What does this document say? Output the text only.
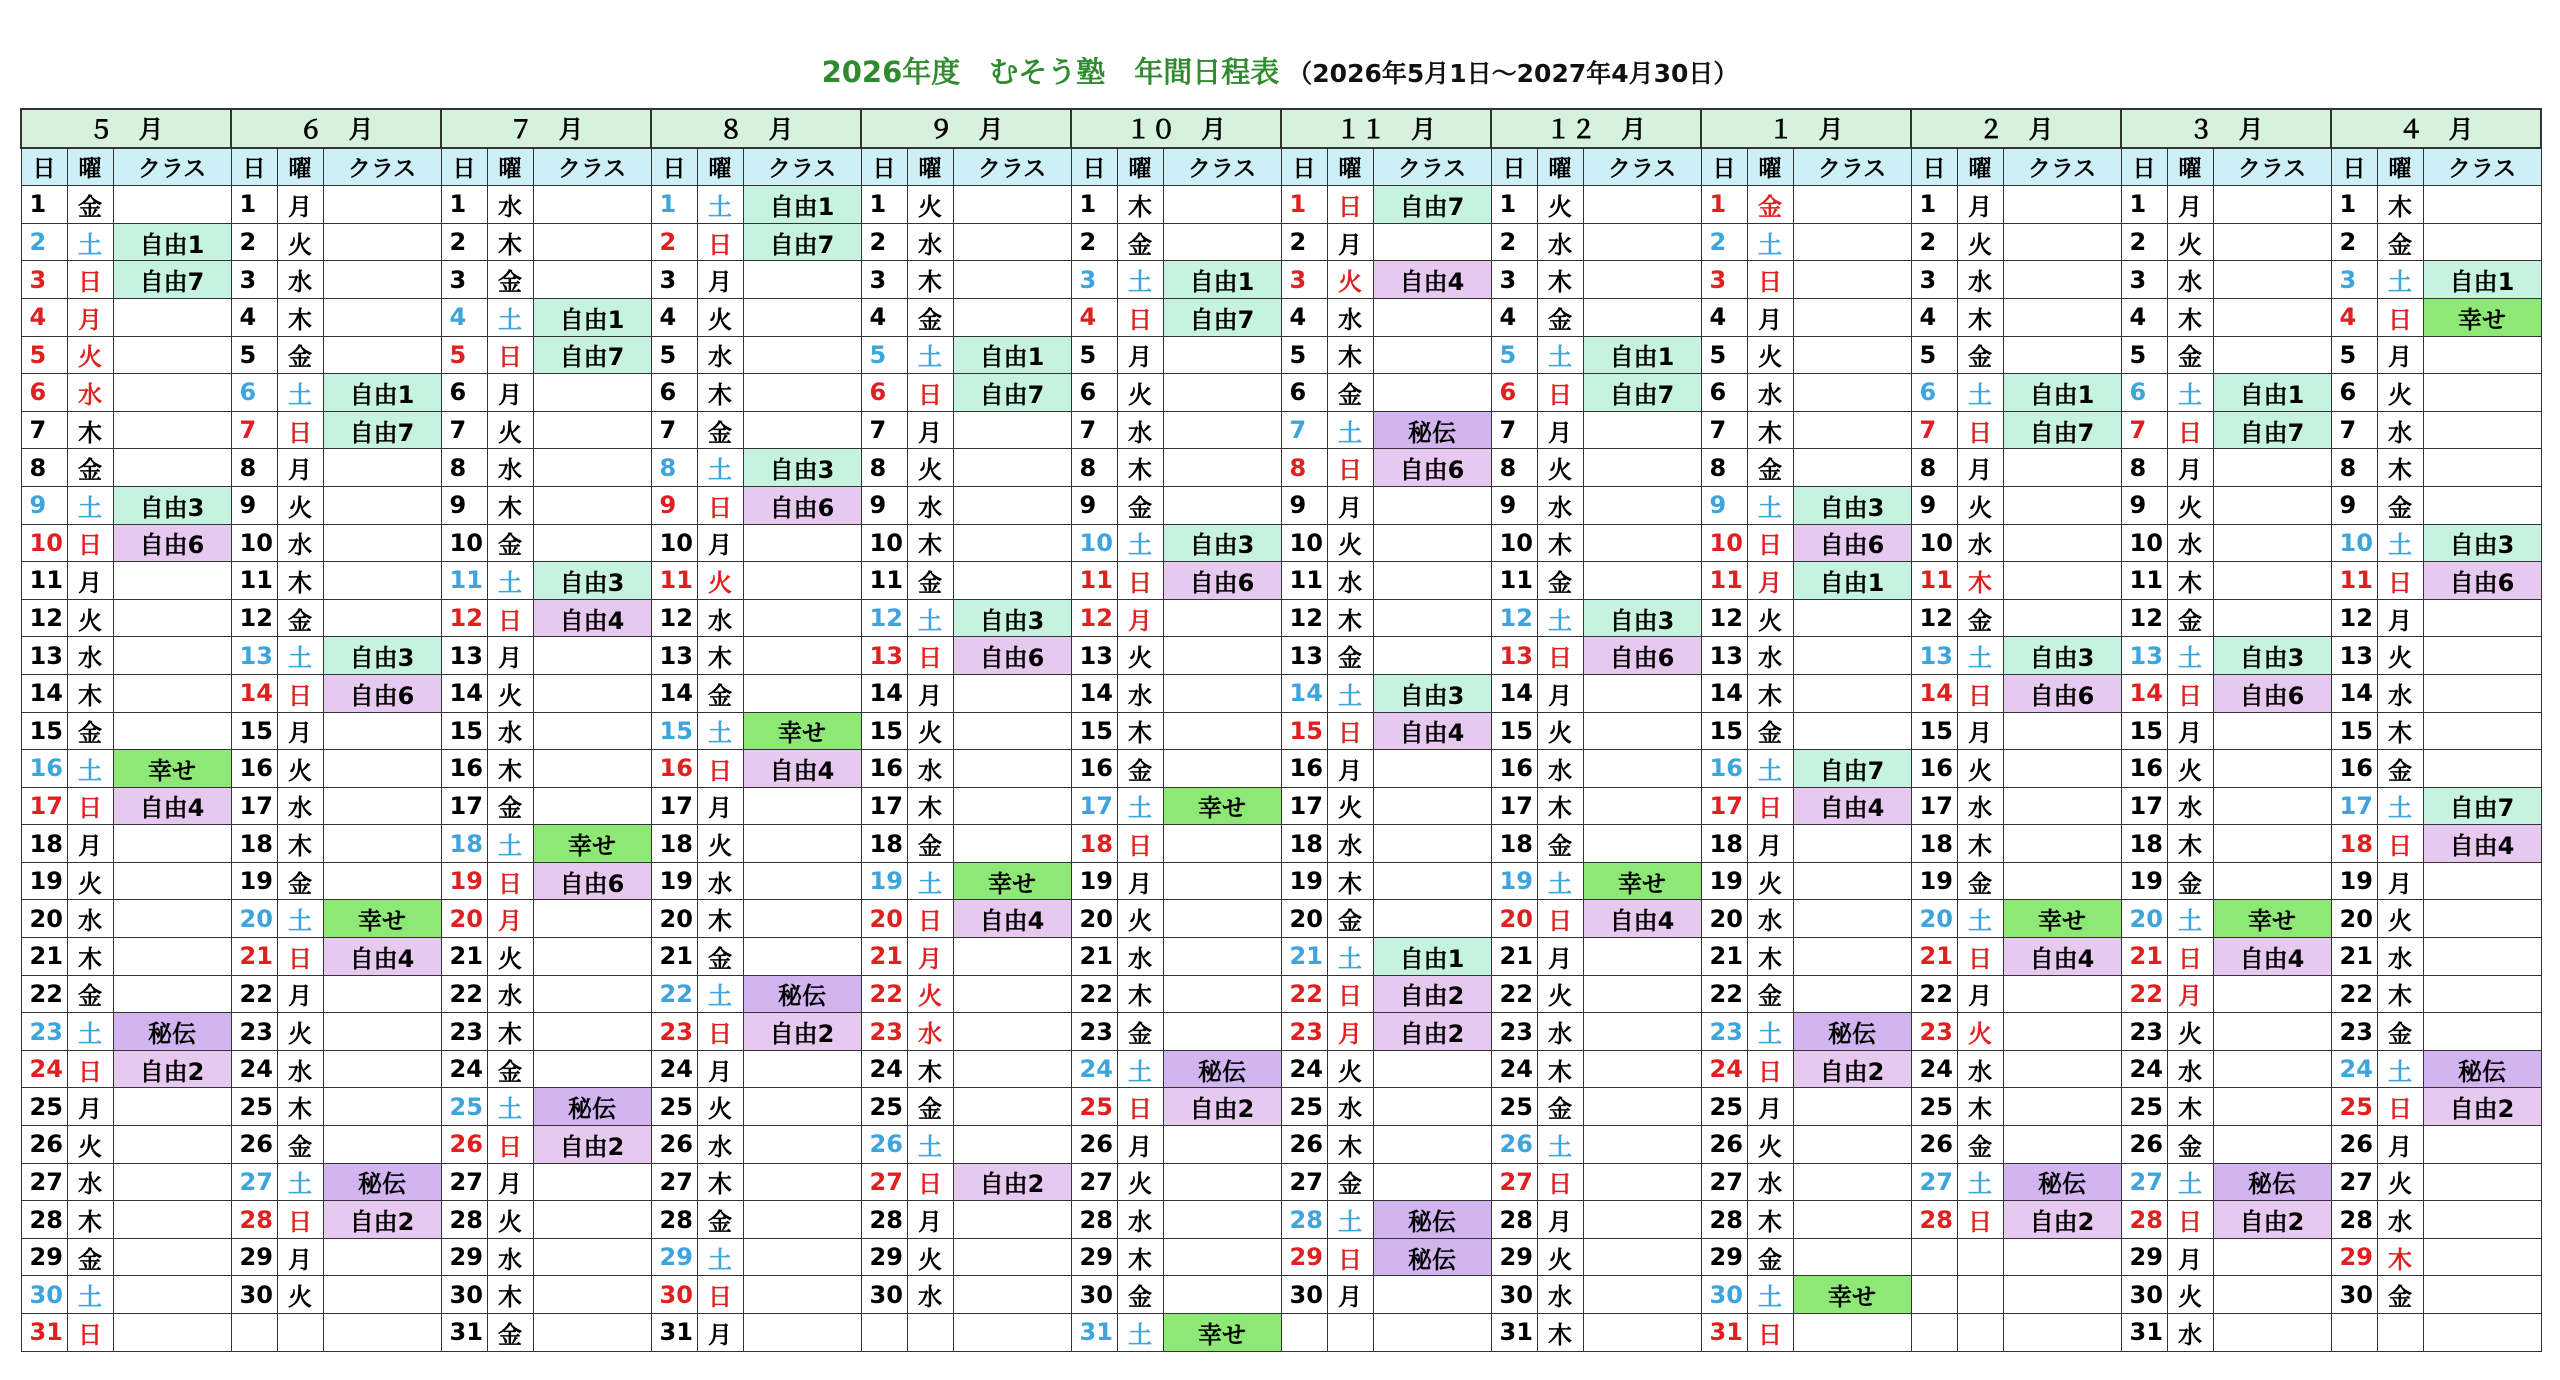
2026年度　むそう塾　年間日程表 （2026年5月1日～2027年4月30日）
５　月			６　月			７　月			８　月			９　月			１０　月			１１　月			１２　月			１　月			２　月			３　月			４　月		
日	曜	クラス	日	曜	クラス	日	曜	クラス	日	曜	クラス	日	曜	クラス	日	曜	クラス	日	曜	クラス	日	曜	クラス	日	曜	クラス	日	曜	クラス	日	曜	クラス	日	曜	クラス
1	金		1	月		1	水		1	土	自由1	1	火		1	木		1	日	自由7	1	火		1	金		1	月		1	月		1	木	
2	土	自由1	2	火		2	木		2	日	自由7	2	水		2	金		2	月		2	水		2	土		2	火		2	火		2	金	
3	日	自由7	3	水		3	金		3	月		3	木		3	土	自由1	3	火	自由4	3	木		3	日		3	水		3	水		3	土	自由1
4	月		4	木		4	土	自由1	4	火		4	金		4	日	自由7	4	水		4	金		4	月		4	木		4	木		4	日	幸せ
5	火		5	金		5	日	自由7	5	水		5	土	自由1	5	月		5	木		5	土	自由1	5	火		5	金		5	金		5	月	
6	水		6	土	自由1	6	月		6	木		6	日	自由7	6	火		6	金		6	日	自由7	6	水		6	土	自由1	6	土	自由1	6	火	
7	木		7	日	自由7	7	火		7	金		7	月		7	水		7	土	秘伝	7	月		7	木		7	日	自由7	7	日	自由7	7	水	
8	金		8	月		8	水		8	土	自由3	8	火		8	木		8	日	自由6	8	火		8	金		8	月		8	月		8	木	
9	土	自由3	9	火		9	木		9	日	自由6	9	水		9	金		9	月		9	水		9	土	自由3	9	火		9	火		9	金	
10	日	自由6	10	水		10	金		10	月		10	木		10	土	自由3	10	火		10	木		10	日	自由6	10	水		10	水		10	土	自由3
11	月		11	木		11	土	自由3	11	火		11	金		11	日	自由6	11	水		11	金		11	月	自由1	11	木		11	木		11	日	自由6
12	火		12	金		12	日	自由4	12	水		12	土	自由3	12	月		12	木		12	土	自由3	12	火		12	金		12	金		12	月	
13	水		13	土	自由3	13	月		13	木		13	日	自由6	13	火		13	金		13	日	自由6	13	水		13	土	自由3	13	土	自由3	13	火	
14	木		14	日	自由6	14	火		14	金		14	月		14	水		14	土	自由3	14	月		14	木		14	日	自由6	14	日	自由6	14	水	
15	金		15	月		15	水		15	土	幸せ	15	火		15	木		15	日	自由4	15	火		15	金		15	月		15	月		15	木	
16	土	幸せ	16	火		16	木		16	日	自由4	16	水		16	金		16	月		16	水		16	土	自由7	16	火		16	火		16	金	
17	日	自由4	17	水		17	金		17	月		17	木		17	土	幸せ	17	火		17	木		17	日	自由4	17	水		17	水		17	土	自由7
18	月		18	木		18	土	幸せ	18	火		18	金		18	日		18	水		18	金		18	月		18	木		18	木		18	日	自由4
19	火		19	金		19	日	自由6	19	水		19	土	幸せ	19	月		19	木		19	土	幸せ	19	火		19	金		19	金		19	月	
20	水		20	土	幸せ	20	月		20	木		20	日	自由4	20	火		20	金		20	日	自由4	20	水		20	土	幸せ	20	土	幸せ	20	火	
21	木		21	日	自由4	21	火		21	金		21	月		21	水		21	土	自由1	21	月		21	木		21	日	自由4	21	日	自由4	21	水	
22	金		22	月		22	水		22	土	秘伝	22	火		22	木		22	日	自由2	22	火		22	金		22	月		22	月		22	木	
23	土	秘伝	23	火		23	木		23	日	自由2	23	水		23	金		23	月	自由2	23	水		23	土	秘伝	23	火		23	火		23	金	
24	日	自由2	24	水		24	金		24	月		24	木		24	土	秘伝	24	火		24	木		24	日	自由2	24	水		24	水		24	土	秘伝
25	月		25	木		25	土	秘伝	25	火		25	金		25	日	自由2	25	水		25	金		25	月		25	木		25	木		25	日	自由2
26	火		26	金		26	日	自由2	26	水		26	土		26	月		26	木		26	土		26	火		26	金		26	金		26	月	
27	水		27	土	秘伝	27	月		27	木		27	日	自由2	27	火		27	金		27	日		27	水		27	土	秘伝	27	土	秘伝	27	火	
28	木		28	日	自由2	28	火		28	金		28	月		28	水		28	土	秘伝	28	月		28	木		28	日	自由2	28	日	自由2	28	水	
29	金		29	月		29	水		29	土		29	火		29	木		29	日	秘伝	29	火		29	金					29	月		29	木	
30	土		30	火		30	木		30	日		30	水		30	金		30	月		30	水		30	土	幸せ				30	火		30	金	
31	日					31	金		31	月					31	土	幸せ				31	木		31	日					31	水				
